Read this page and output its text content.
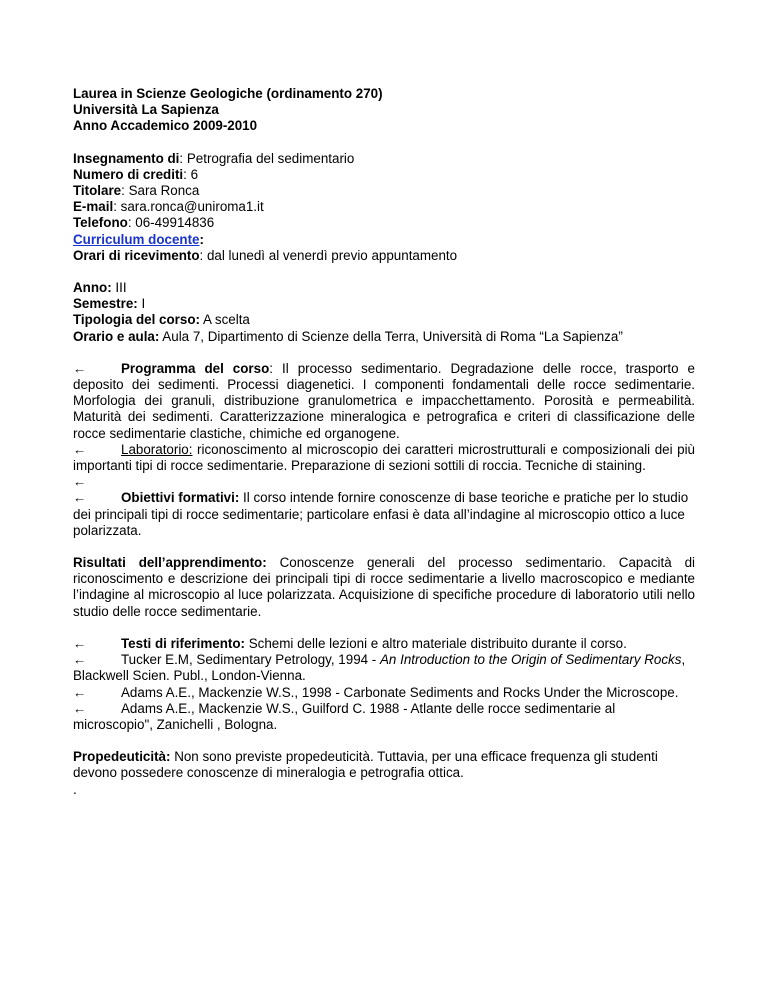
Laurea in Scienze Geologiche (ordinamento 270)

Università La Sapienza

Anno Accademico 2009-2010

Insegnamento di: Petrografia del sedimentario

Numero di crediti: 6

Titolare: Sara Ronca

E-mail: sara.ronca@uniroma1.it

Telefono: 06-49914836

Curriculum docente:

Orari di ricevimento: dal lunedì al venerdì previo appuntamento

Anno: III

Semestre: I

Tipologia del corso: A scelta

Orario e aula: Aula 7, Dipartimento di Scienze della Terra, Università di Roma “La Sapienza”

←	Programma del corso: Il processo sedimentario. Degradazione delle rocce, trasporto e deposito dei sedimenti. Processi diagenetici. I componenti fondamentali delle rocce sedimentarie. Morfologia dei granuli, distribuzione granulometrica e impacchettamento. Porosità e permeabilità. Maturità dei sedimenti. Caratterizzazione mineralogica e petrografica e criteri di classificazione delle rocce sedimentarie clastiche, chimiche ed organogene.

←	Laboratorio: riconoscimento al microscopio dei caratteri microstrutturali e composizionali dei più importanti tipi di rocce sedimentarie. Preparazione di sezioni sottili di roccia. Tecniche di staining.

←

←	Obiettivi formativi: Il corso intende fornire conoscenze di base teoriche e pratiche per lo studio dei principali tipi di rocce sedimentarie; particolare enfasi è data all’indagine al microscopio ottico a luce polarizzata.

Risultati dell’apprendimento: Conoscenze generali del processo sedimentario. Capacità di riconoscimento e descrizione dei principali tipi di rocce sedimentarie a livello macroscopico e mediante l’indagine al microscopio al luce polarizzata. Acquisizione di specifiche procedure di laboratorio utili nello studio delle rocce sedimentarie.

←	Testi di riferimento: Schemi delle lezioni e altro materiale distribuito durante il corso.

←	Tucker E.M, Sedimentary Petrology, 1994 - An Introduction to the Origin of Sedimentary Rocks, Blackwell Scien. Publ., London-Vienna.

←	Adams A.E., Mackenzie W.S., 1998 - Carbonate Sediments and Rocks Under the Microscope.

←	Adams A.E., Mackenzie W.S., Guilford C. 1988 - Atlante delle rocce sedimentarie al microscopio", Zanichelli , Bologna.

Propedeuticità: Non sono previste propedeuticità. Tuttavia, per una efficace frequenza gli studenti devono possedere conoscenze di mineralogia e petrografia ottica.

.
